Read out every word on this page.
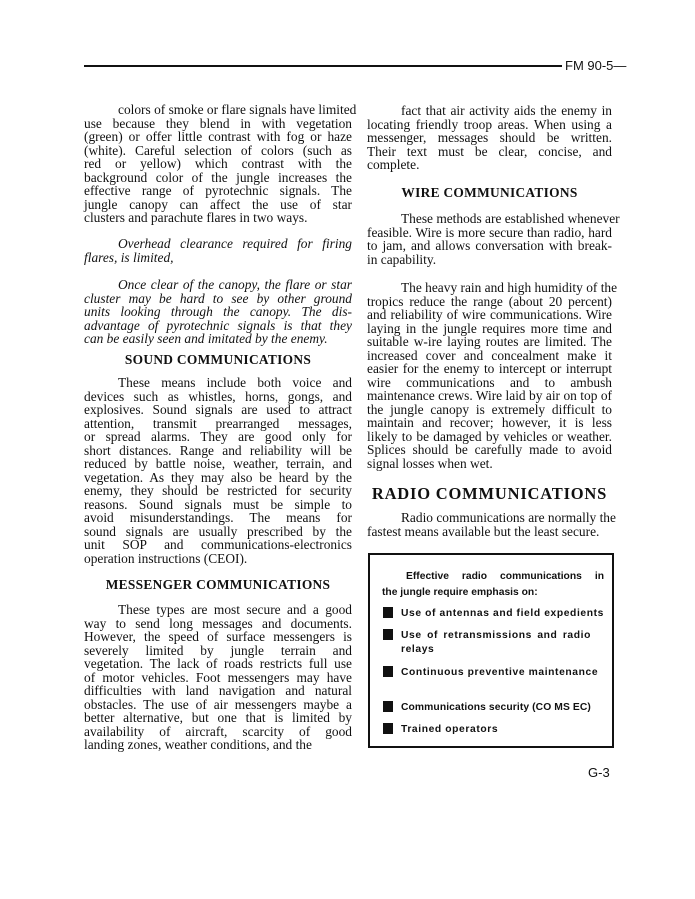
FM 90-5—
colors of smoke or flare signals have limited
use because they blend in with vegetation
(green) or offer little contrast with fog or haze
(white). Careful selection of colors (such as
red or yellow) which contrast with the
background color of the jungle increases the
effective range of pyrotechnic signals. The
jungle canopy can affect the use of star
clusters and parachute flares in two ways.
Overhead clearance required for firing
flares, is limited,
Once clear of the canopy, the flare or star
cluster may be hard to see by other ground
units looking through the canopy. The dis-
advantage of pyrotechnic signals is that they
can be easily seen and imitated by the enemy.
SOUND COMMUNICATIONS
These means include both voice and
devices such as whistles, horns, gongs, and
explosives. Sound signals are used to attract
attention, transmit prearranged messages,
or spread alarms. They are good only for
short distances. Range and reliability will be
reduced by battle noise, weather, terrain, and
vegetation. As they may also be heard by the
enemy, they should be restricted for security
reasons. Sound signals must be simple to
avoid misunderstandings. The means for
sound signals are usually prescribed by the
unit SOP and communications-electronics
operation instructions (CEOI).
MESSENGER COMMUNICATIONS
These types are most secure and a good
way to send long messages and documents.
However, the speed of surface messengers is
severely limited by jungle terrain and
vegetation. The lack of roads restricts full use
of motor vehicles. Foot messengers may have
difficulties with land navigation and natural
obstacles. The use of air messengers maybe a
better alternative, but one that is limited by
availability of aircraft, scarcity of good
landing zones, weather conditions, and the
fact that air activity aids the enemy in
locating friendly troop areas. When using a
messenger, messages should be written.
Their text must be clear, concise, and
complete.
WIRE COMMUNICATIONS
These methods are established whenever
feasible. Wire is more secure than radio, hard
to jam, and allows conversation with break-
in capability.
The heavy rain and high humidity of the
tropics reduce the range (about 20 percent)
and reliability of wire communications. Wire
laying in the jungle requires more time and
suitable w-ire laying routes are limited. The
increased cover and concealment make it
easier for the enemy to intercept or interrupt
wire communications and to ambush
maintenance crews. Wire laid by air on top of
the jungle canopy is extremely difficult to
maintain and recover; however, it is less
likely to be damaged by vehicles or weather.
Splices should be carefully made to avoid
signal losses when wet.
RADIO COMMUNICATIONS
Radio communications are normally the
fastest means available but the least secure.
Effective radio communications in
the jungle require emphasis on:
Use of antennas and field expedients
Use of retransmissions and radio relays
Continuous preventive maintenance
Communications security (CO MS EC)
Trained operators
G-3
